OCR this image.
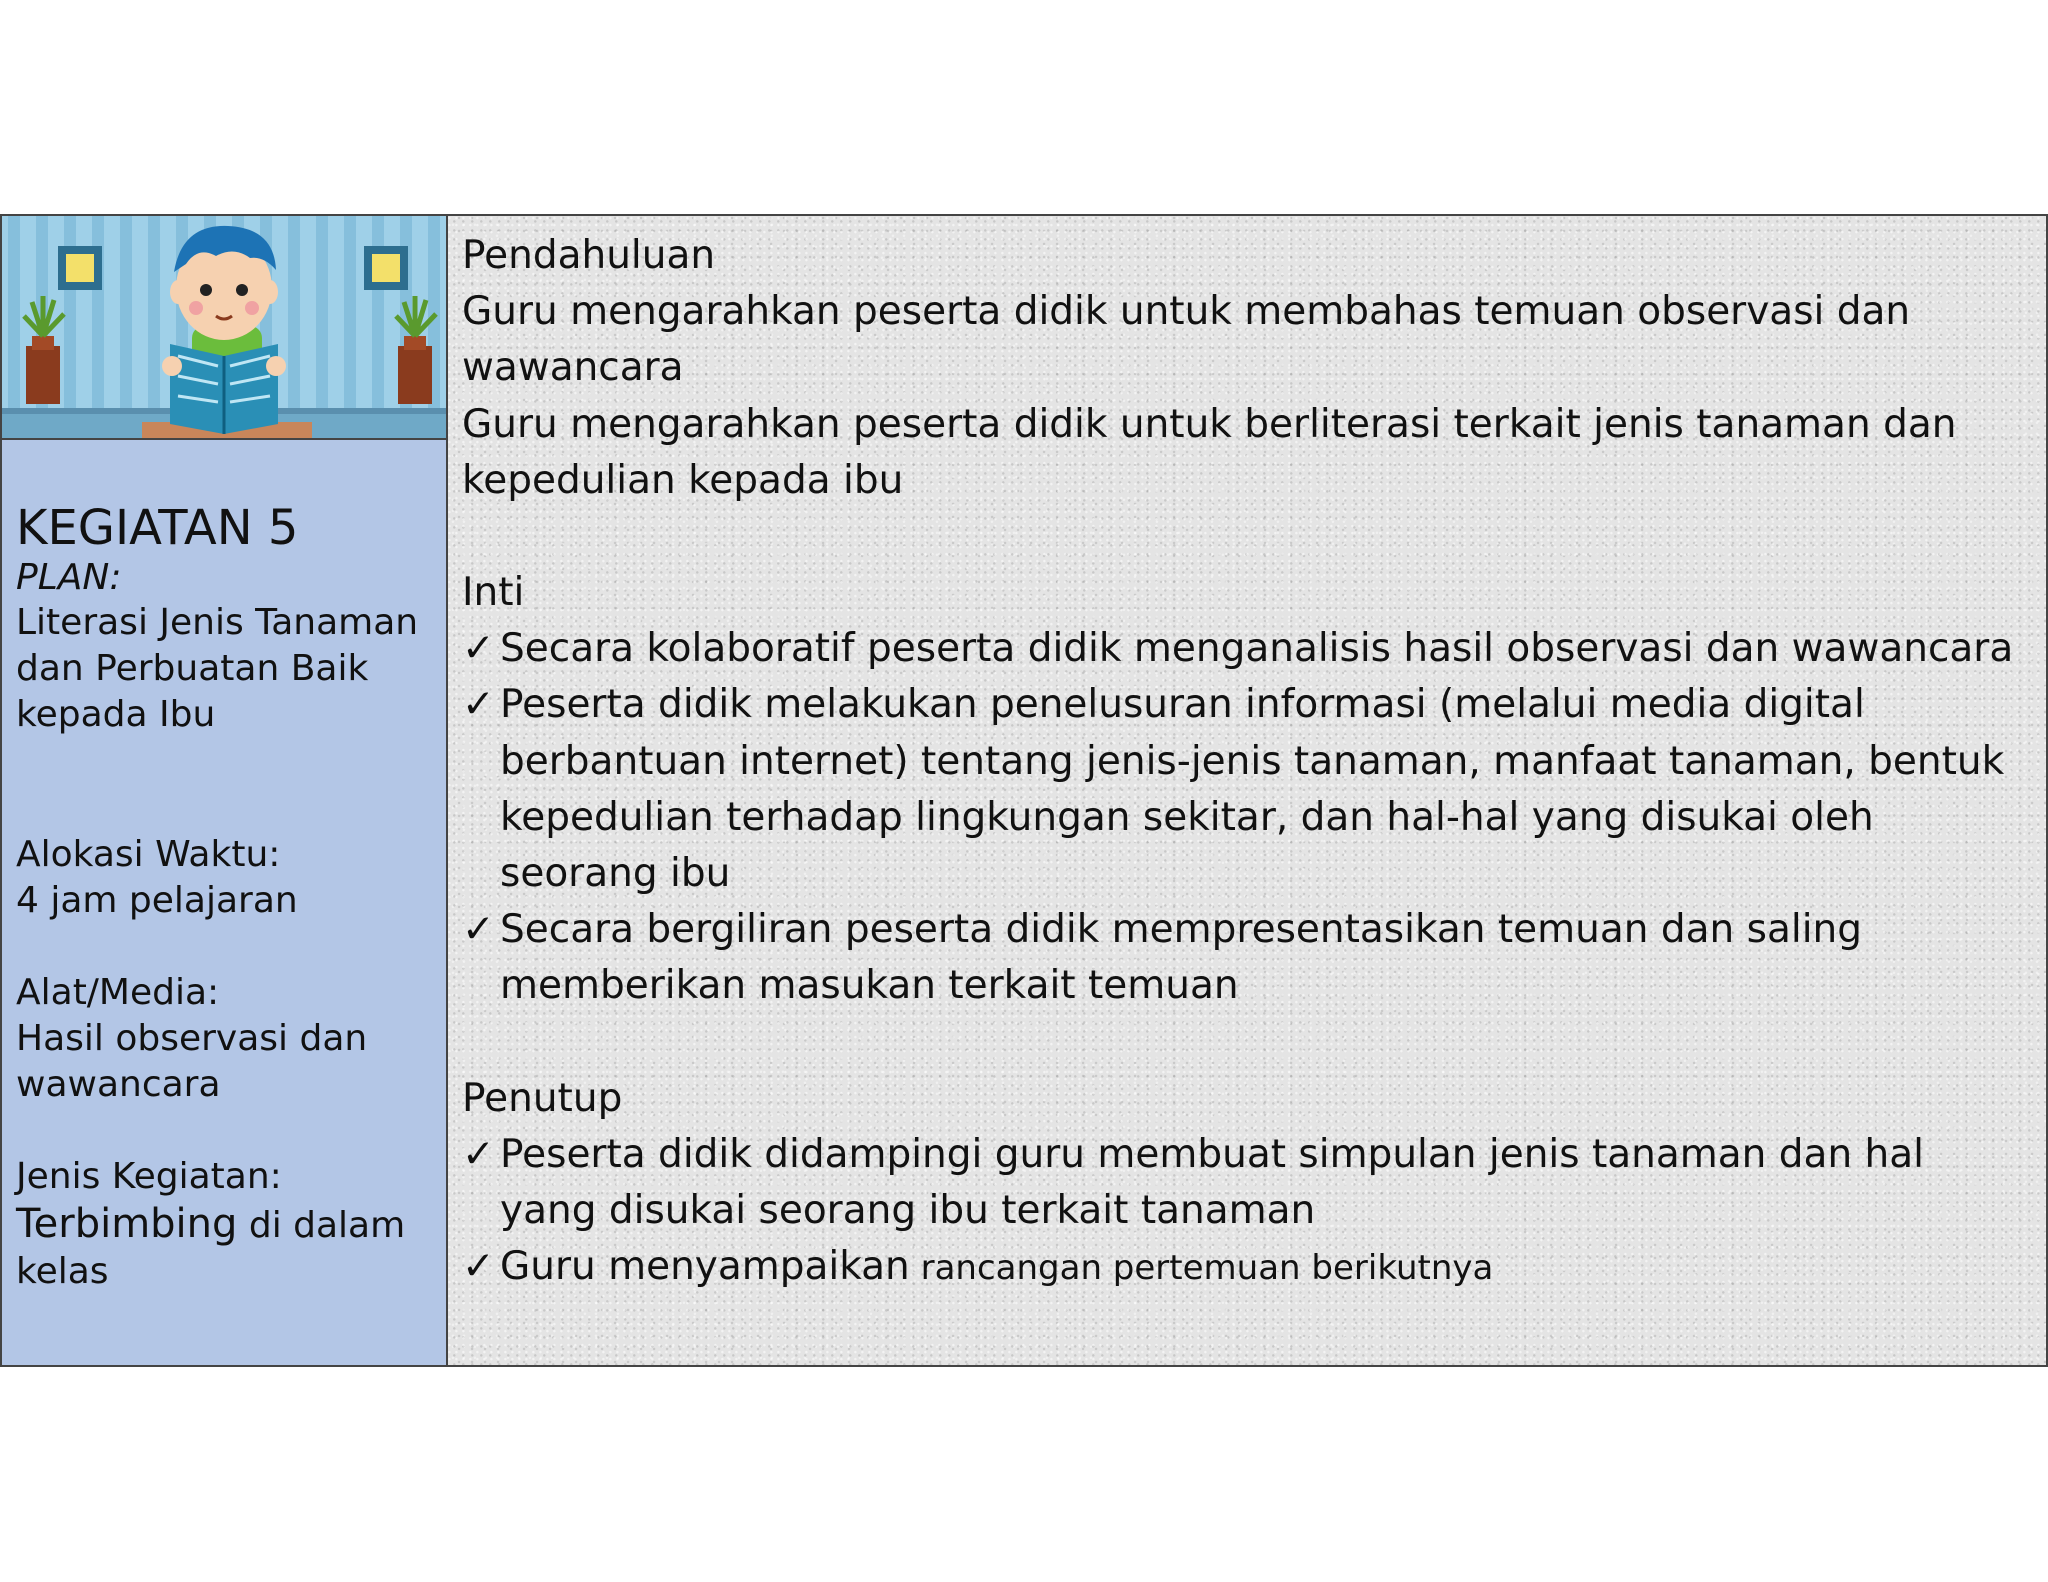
KEGIATAN 5
PLAN:
Literasi Jenis Tanaman
dan Perbuatan Baik
kepada Ibu
Alokasi Waktu:
4 jam pelajaran
Alat/Media:
Hasil observasi dan
wawancara
Jenis Kegiatan:
Terbimbing di dalam
kelas
Pendahuluan
Guru mengarahkan peserta didik untuk membahas temuan observasi dan wawancara
Guru mengarahkan peserta didik untuk berliterasi terkait jenis tanaman dan kepedulian kepada ibu
Inti
✓ Secara kolaboratif peserta didik menganalisis hasil observasi dan wawancara
✓ Peserta didik melakukan penelusuran informasi (melalui media digital berbantuan internet) tentang jenis-jenis tanaman, manfaat tanaman, bentuk kepedulian terhadap lingkungan sekitar, dan hal-hal yang disukai oleh seorang ibu
✓ Secara bergiliran peserta didik mempresentasikan temuan dan saling memberikan masukan terkait temuan
Penutup
✓ Peserta didik didampingi guru membuat simpulan jenis tanaman dan hal yang disukai seorang ibu terkait tanaman
✓ Guru menyampaikan rancangan pertemuan berikutnya
